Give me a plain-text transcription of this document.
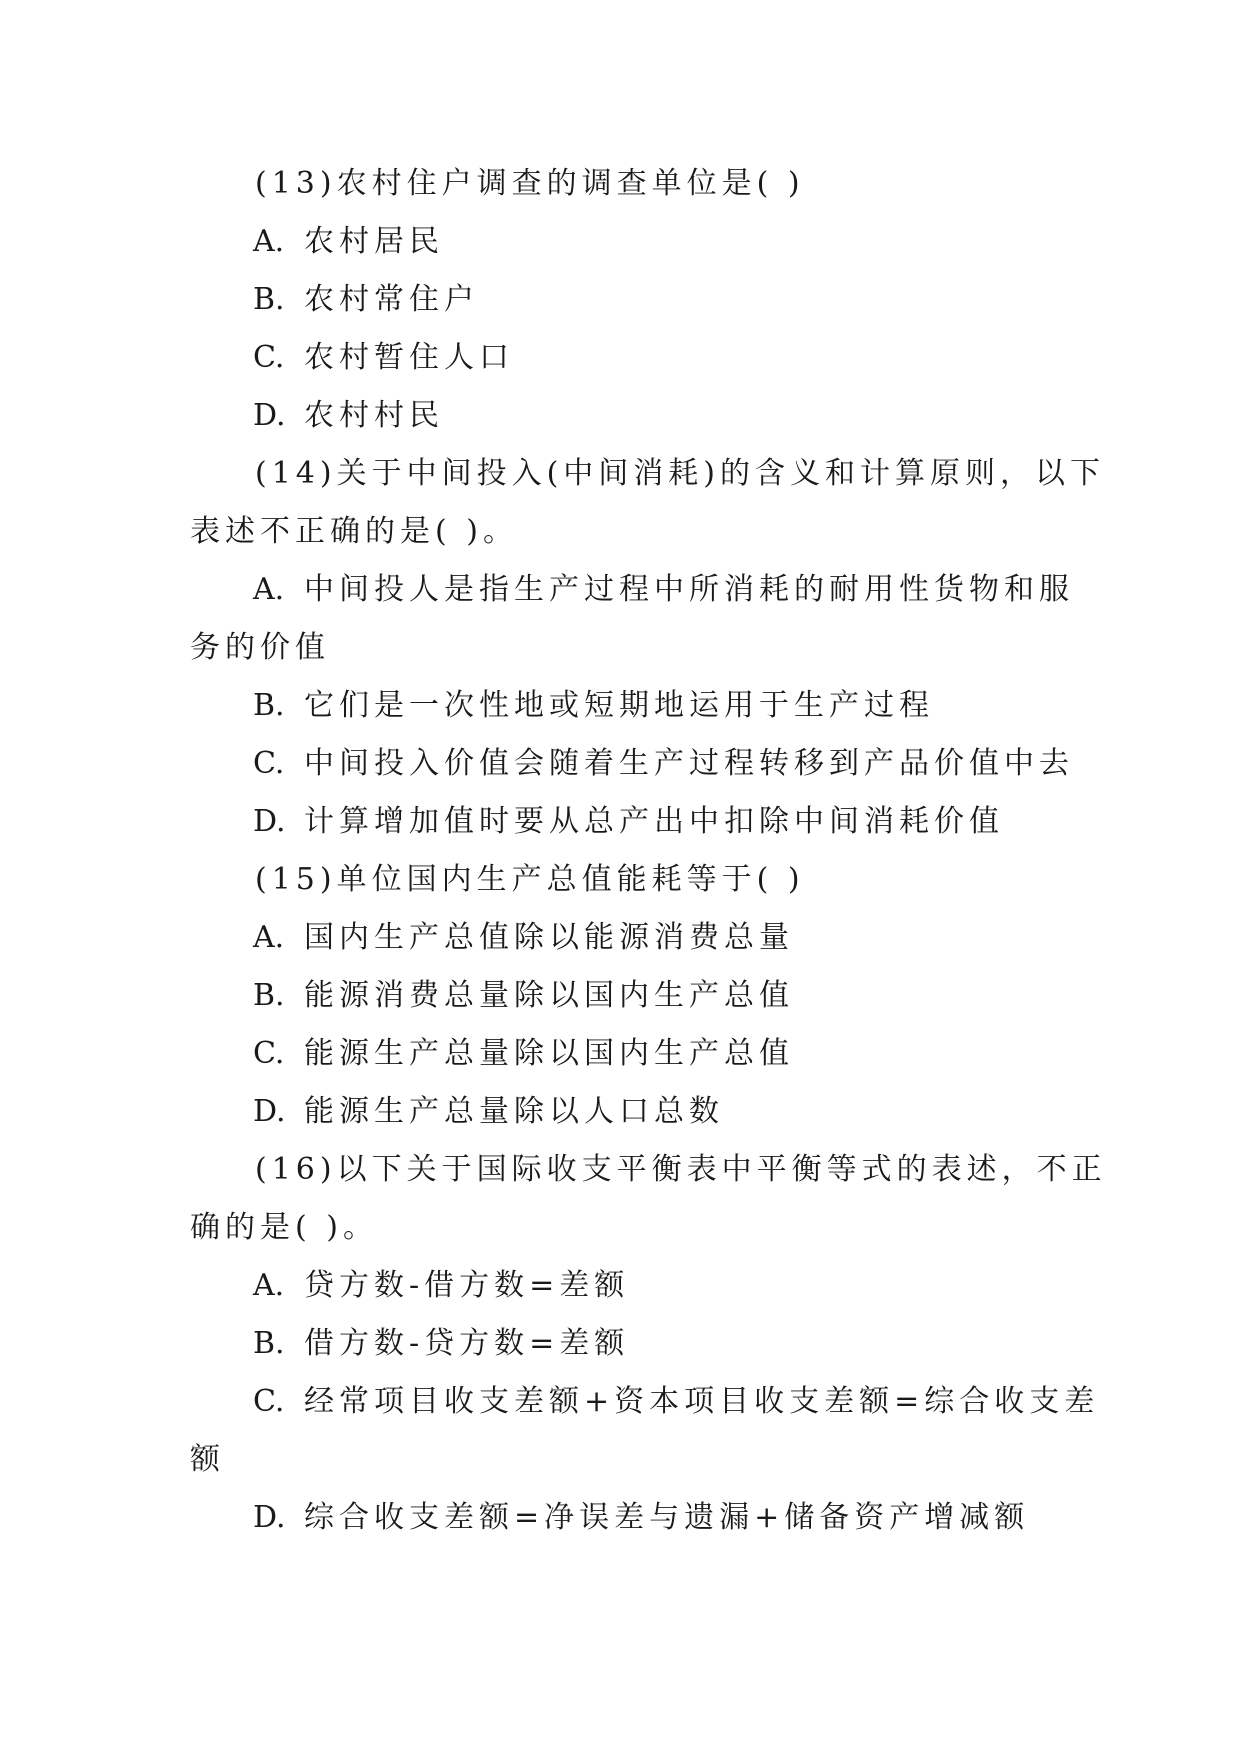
(13)农村住户调查的调查单位是( )

A. 农村居民

B. 农村常住户

C. 农村暂住人口

D. 农村村民

(14)关于中间投入(中间消耗)的含义和计算原则，以下

表述不正确的是( )。

A. 中间投人是指生产过程中所消耗的耐用性货物和服

务的价值

B. 它们是一次性地或短期地运用于生产过程

C. 中间投入价值会随着生产过程转移到产品价值中去

D. 计算增加值时要从总产出中扣除中间消耗价值

(15)单位国内生产总值能耗等于( )

A. 国内生产总值除以能源消费总量

B. 能源消费总量除以国内生产总值

C. 能源生产总量除以国内生产总值

D. 能源生产总量除以人口总数

(16)以下关于国际收支平衡表中平衡等式的表述，不正

确的是( )。

A. 贷方数-借方数=差额

B. 借方数-贷方数=差额

C. 经常项目收支差额+资本项目收支差额=综合收支差

额

D. 综合收支差额=净误差与遗漏+储备资产增减额
